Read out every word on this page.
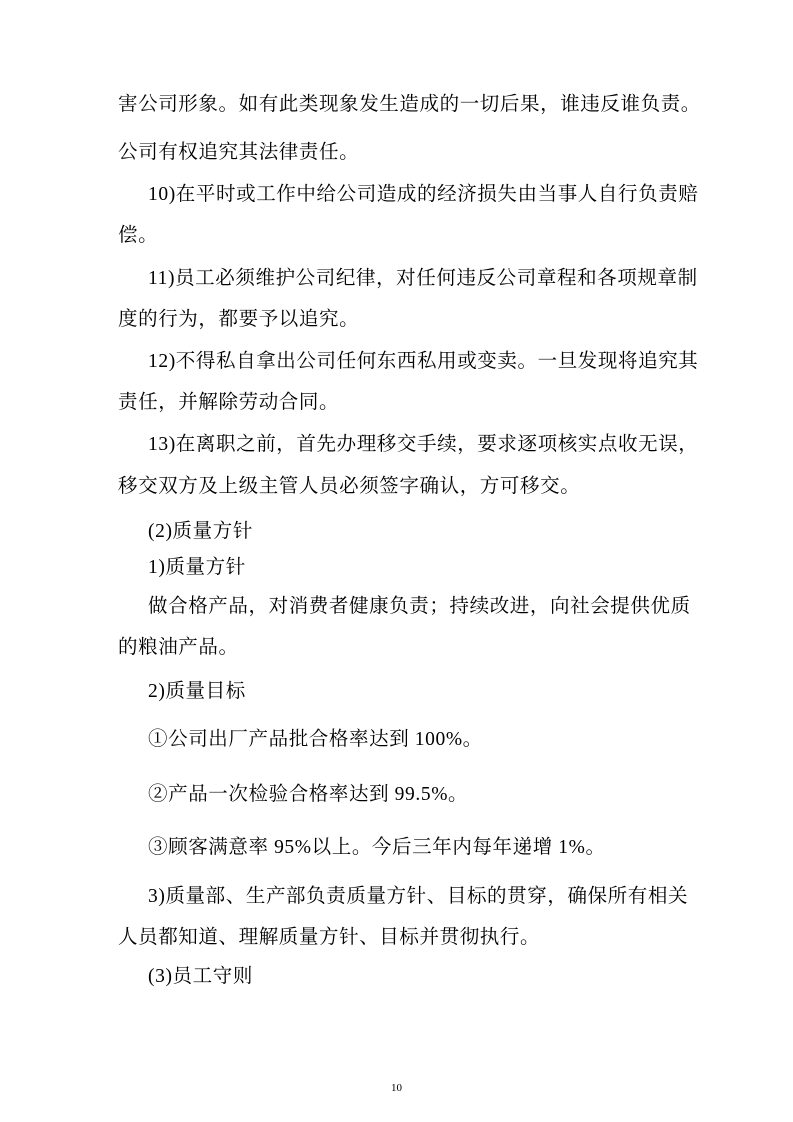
害公司形象。如有此类现象发生造成的一切后果，谁违反谁负责。
公司有权追究其法律责任。
10)在平时或工作中给公司造成的经济损失由当事人自行负责赔
偿。
11)员工必须维护公司纪律，对任何违反公司章程和各项规章制
度的行为，都要予以追究。
12)不得私自拿出公司任何东西私用或变卖。一旦发现将追究其
责任，并解除劳动合同。
13)在离职之前，首先办理移交手续，要求逐项核实点收无误，
移交双方及上级主管人员必须签字确认，方可移交。
(2)质量方针
1)质量方针
做合格产品，对消费者健康负责；持续改进，向社会提供优质
的粮油产品。
2)质量目标
➀公司出厂产品批合格率达到 100%。
➁产品一次检验合格率达到 99.5%。
➂顾客满意率 95%以上。今后三年内每年递增 1%。
3)质量部、生产部负责质量方针、目标的贯穿，确保所有相关
人员都知道、理解质量方针、目标并贯彻执行。
(3)员工守则
10
